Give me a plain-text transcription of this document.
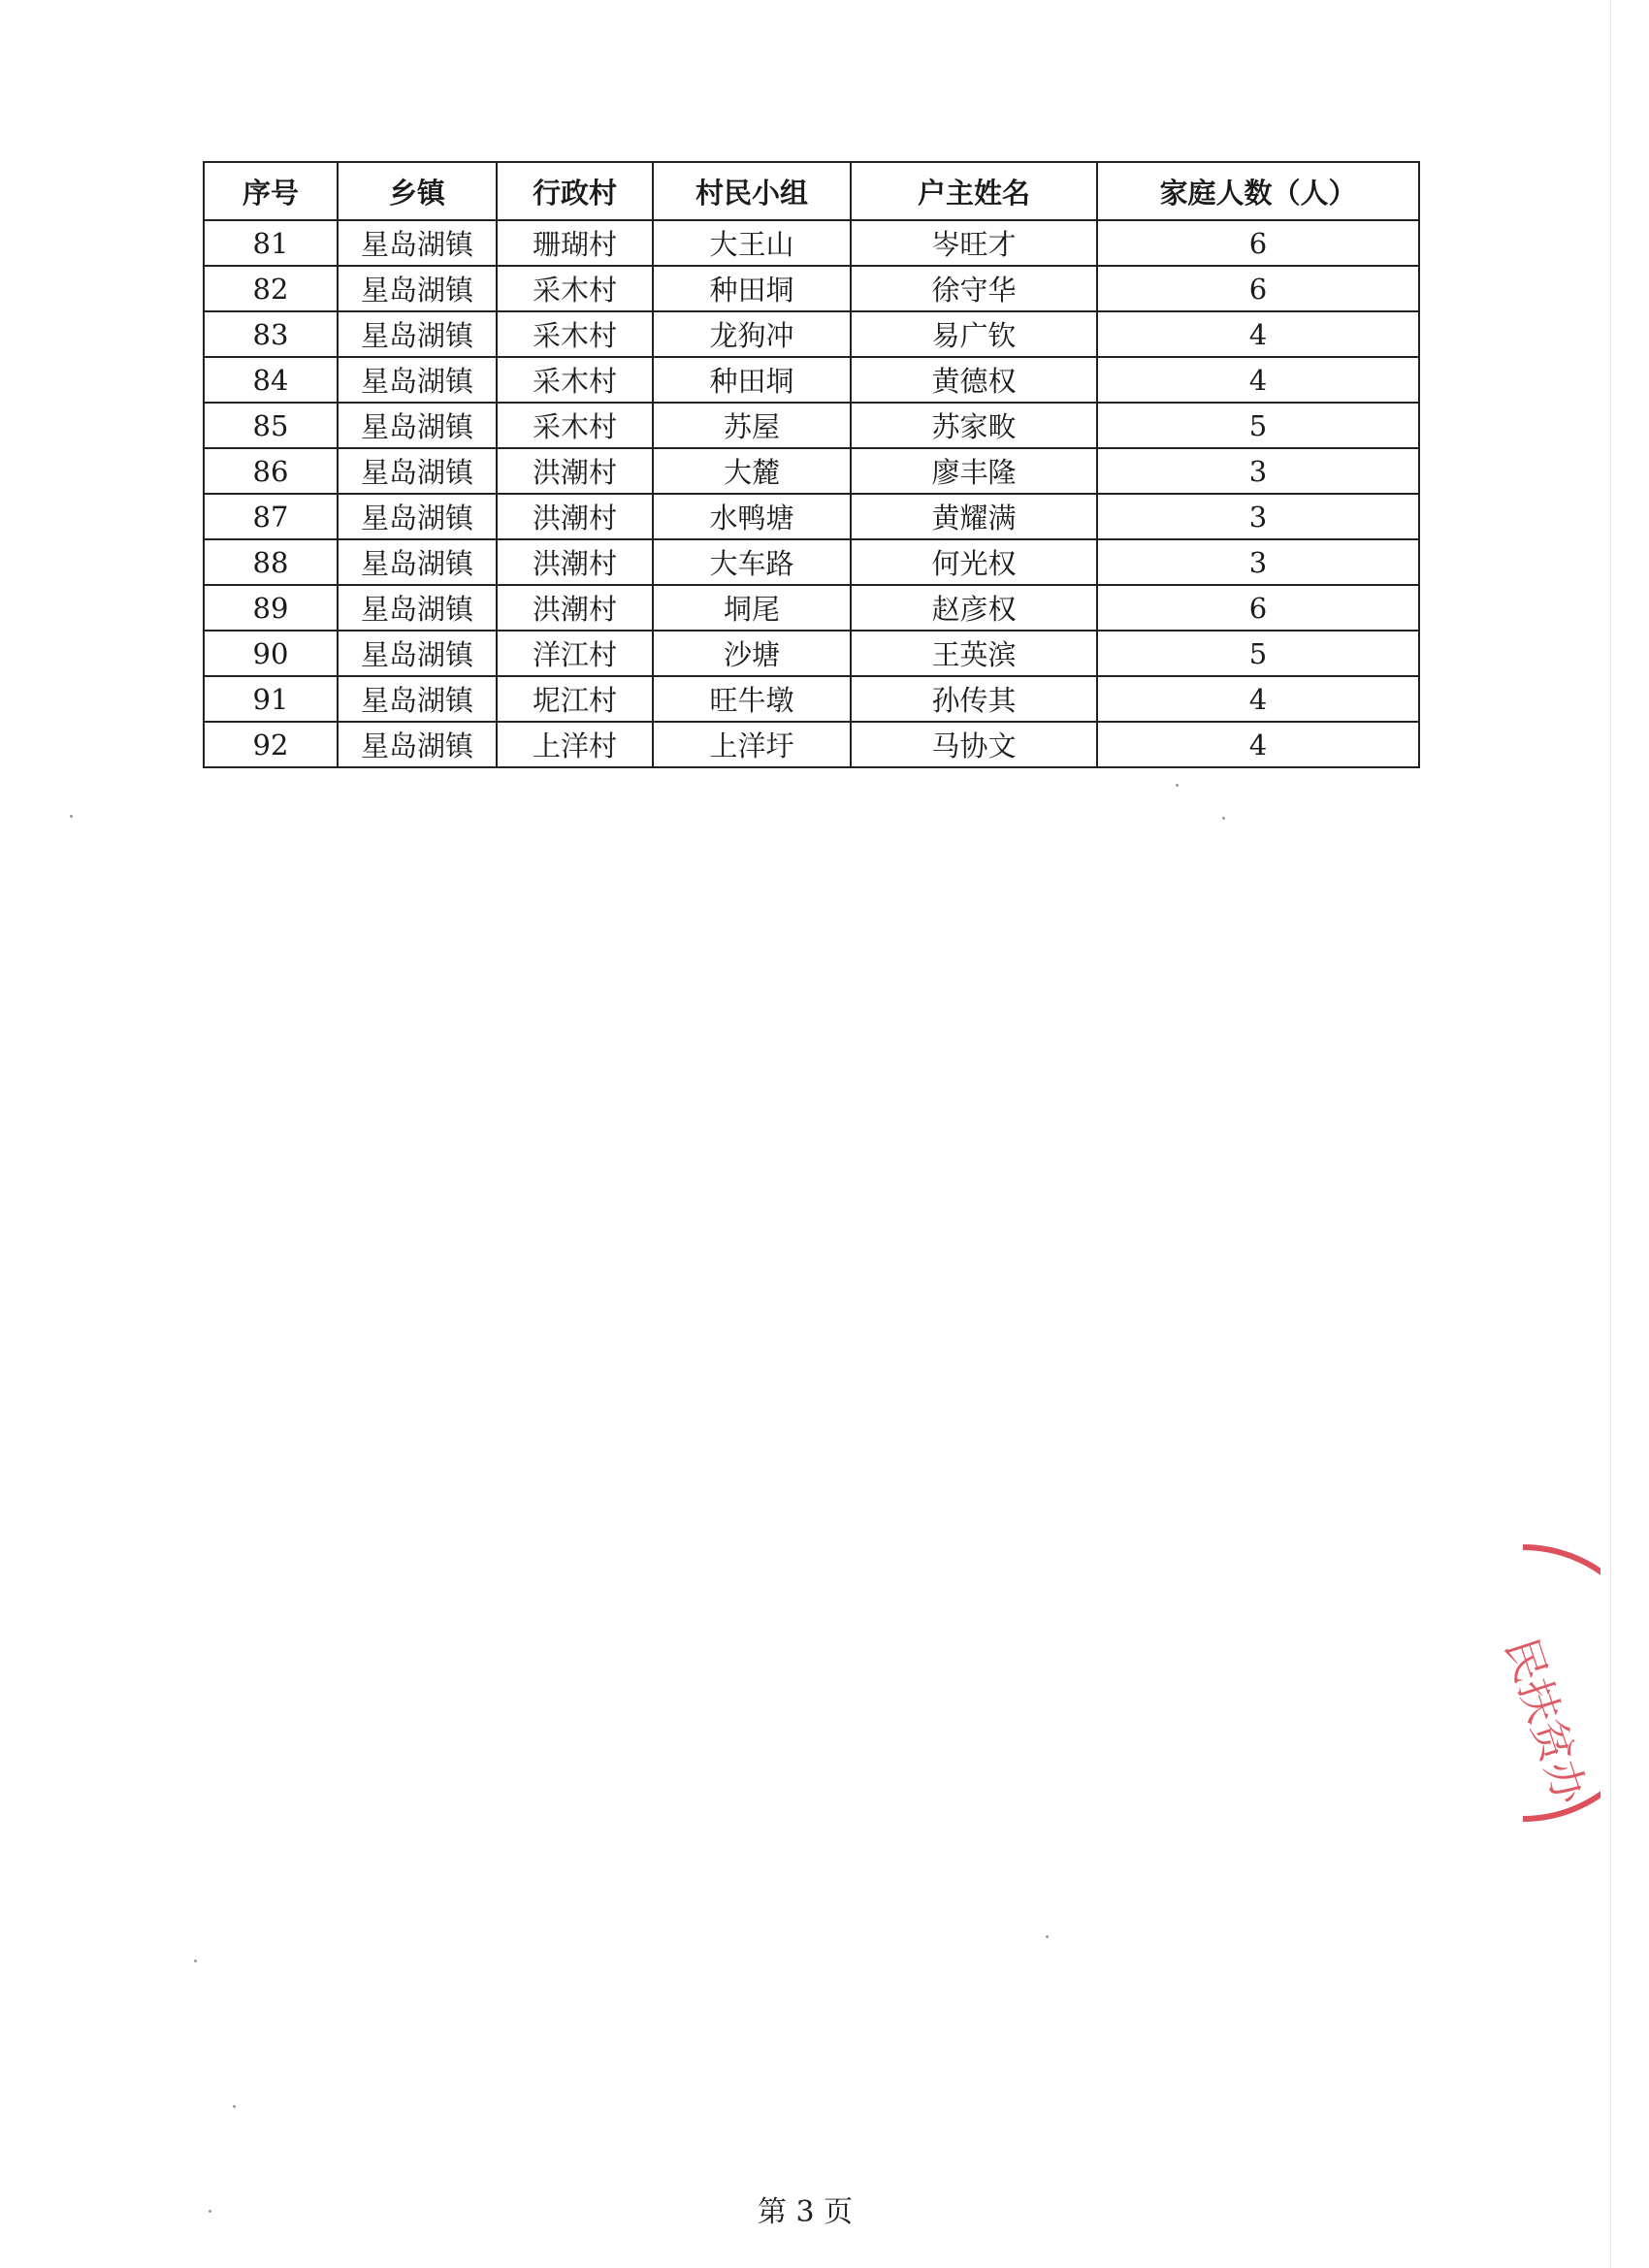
序号	乡镇	行政村	村民小组	户主姓名	家庭人数（人）
81	星岛湖镇	珊瑚村	大王山	岑旺才	6
82	星岛湖镇	采木村	种田垌	徐守华	6
83	星岛湖镇	采木村	龙狗冲	易广钦	4
84	星岛湖镇	采木村	种田垌	黄德权	4
85	星岛湖镇	采木村	苏屋	苏家畋	5
86	星岛湖镇	洪潮村	大麓	廖丰隆	3
87	星岛湖镇	洪潮村	水鸭塘	黄耀满	3
88	星岛湖镇	洪潮村	大车路	何光权	3
89	星岛湖镇	洪潮村	垌尾	赵彦权	6
90	星岛湖镇	洋江村	沙塘	王英滨	5
91	星岛湖镇	坭江村	旺牛墩	孙传其	4
92	星岛湖镇	上洋村	上洋圩	马协文	4
第 3 页
民扶贫办
